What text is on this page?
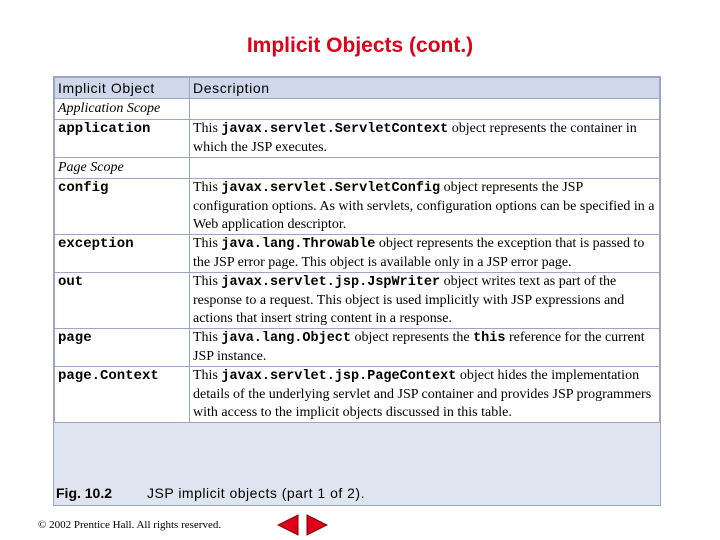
Implicit Objects (cont.)
Implicit Object	Description
Application Scope	
application	This javax.servlet.ServletContext object represents the container in which the JSP executes.
Page Scope	
config	This javax.servlet.ServletConfig object represents the JSP configuration options. As with servlets, configuration options can be specified in a Web application descriptor.
exception	This java.lang.Throwable object represents the exception that is passed to the JSP error page. This object is available only in a JSP error page.
out	This javax.servlet.jsp.JspWriter object writes text as part of the response to a request. This object is used implicitly with JSP expressions and actions that insert string content in a response.
page	This java.lang.Object object represents the this reference for the current JSP instance.
page.Context	This javax.servlet.jsp.PageContext object hides the implementation details of the underlying servlet and JSP container and provides JSP programmers with access to the implicit objects discussed in this table.
Fig. 10.2 JSP implicit objects (part 1 of 2).
© 2002 Prentice Hall. All rights reserved.
